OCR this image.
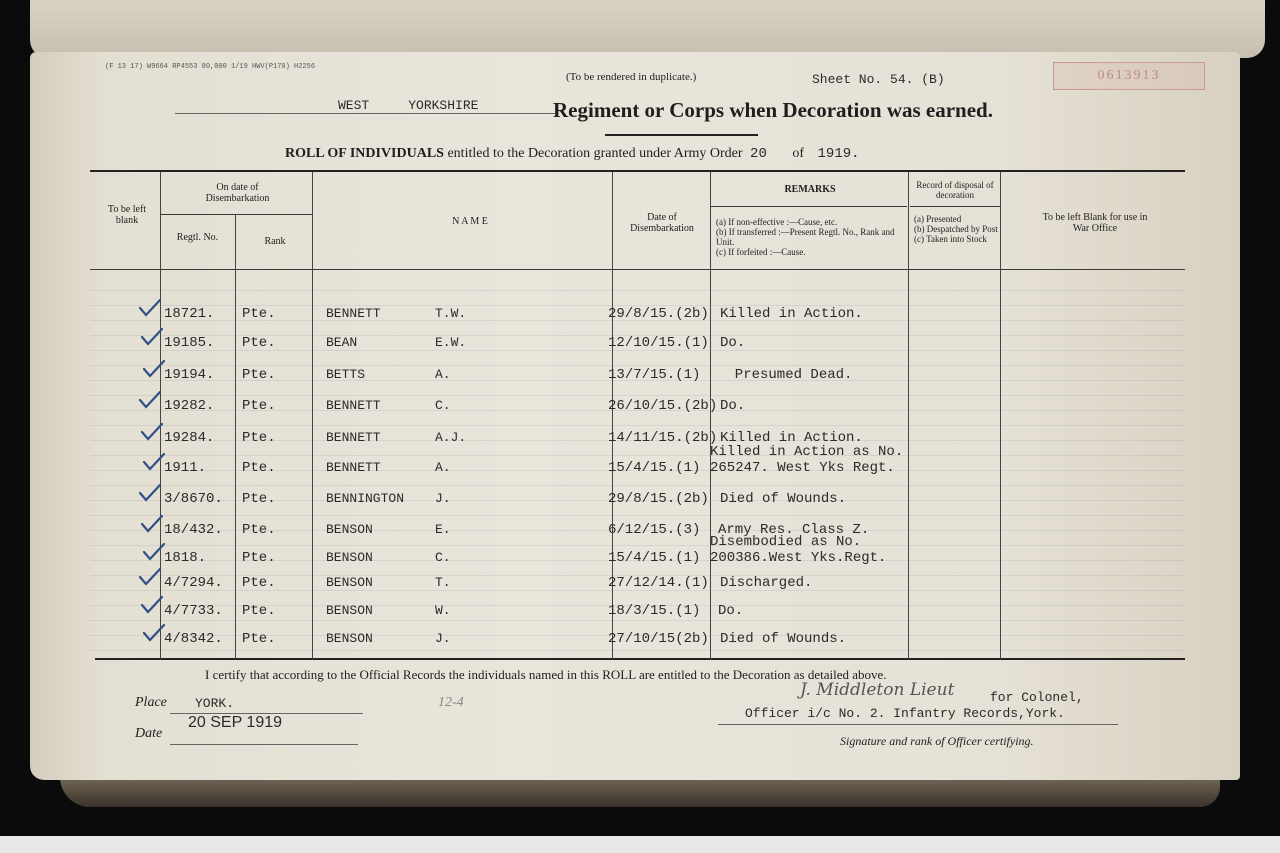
(F 13 17) W9664 RP4553 80,000 1/19 HWV(P170) H2256
(To be rendered in duplicate.)	Sheet No. 54. (B)	0613913
WEST     YORKSHIRE	Regiment or Corps when Decoration was earned.
ROLL OF INDIVIDUALS entitled to the Decoration granted under Army Order 20 of 1919.
To be left blank
On date of Disembarkation
Regtl. No.	Rank
N A M E	Date of Disembarkation
REMARKS
(a) If non-effective :—Cause, etc.
(b) If transferred :—Present Regtl. No., Rank and Unit.
(c) If forfeited :—Cause.
Record of disposal of decoration
(a) Presented
(b) Despatched by Post
(c) Taken into Stock
To be left Blank for use in War Office
18721. Pte.	BENNETT	T.W.	29/8/15.(2b) Killed in Action.
19185. Pte.	BEAN	E.W.	12/10/15.(1) Do.
19194. Pte.	BETTS	A.	13/7/15.(1) Presumed Dead.
19282. Pte.	BENNETT	C.	26/10/15.(2b) Do.
19284. Pte.	BENNETT	A.J.	14/11/15.(2b) Killed in Action.
1911.	Pte.	BENNETT	A.	15/4/15.(1)
Killed in Action as No.
265247. West Yks Regt.
3/8670. Pte.	BENNINGTON J.	29/8/15.(2b) Died of Wounds.
18/432. Pte.	BENSON	E.	6/12/15.(3) Army Res. Class Z.
1818.	Pte.	BENSON	C.	15/4/15.(1)
Disembodied as No.
200386.West Yks.Regt.
4/7294. Pte.	BENSON	T.	27/12/14.(1) Discharged.
4/7733. Pte.	BENSON	W.	18/3/15.(1) Do.
4/8342. Pte.	BENSON	J.	27/10/15(2b) Died of Wounds.
I certify that according to the Official Records the individuals named in this ROLL are entitled to the Decoration as detailed above.
Place YORK.
Date
20 SEP 1919
12-4
J. Middleton Lieut	for Colonel,
Officer i/c No. 2. Infantry Records,York.
Signature and rank of Officer certifying.
